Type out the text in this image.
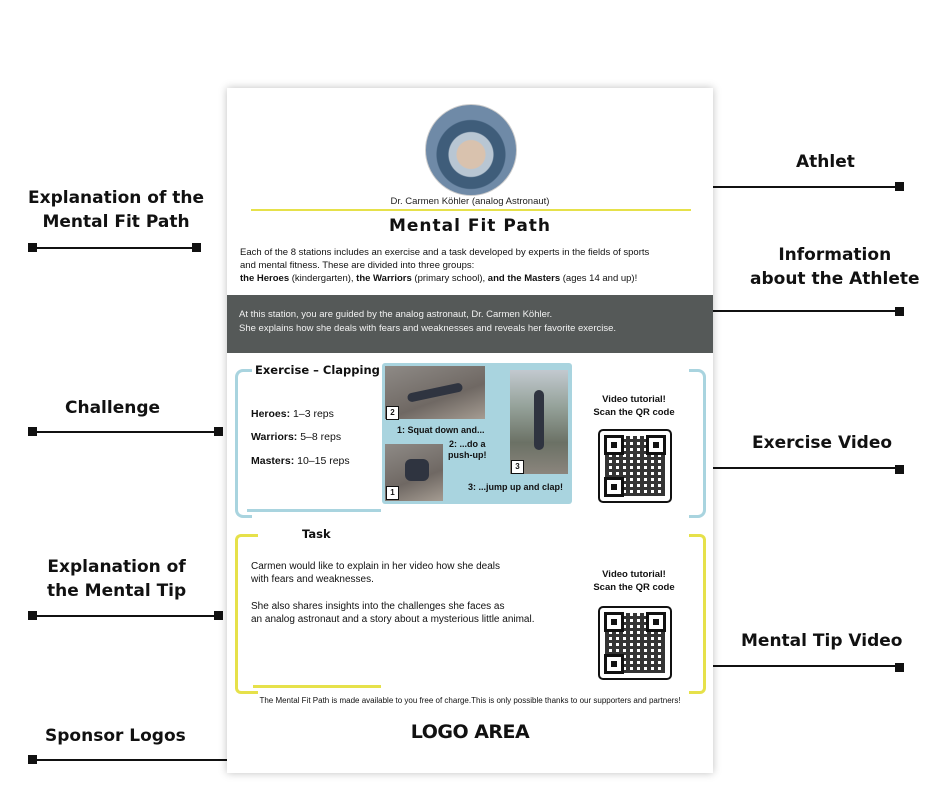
Athlet
Explanation of the
Mental Fit Path
Information
about the Athlete
Challenge
Exercise Video
Explanation of
the Mental Tip
Mental Tip Video
Sponsor Logos
Dr. Carmen Köhler (analog Astronaut)
Mental Fit Path
Each of the 8 stations includes an exercise and a task developed by experts in the fields of sports
and mental fitness. These are divided into three groups:
the Heroes (kindergarten), the Warriors (primary school), and the Masters (ages 14 and up)!
At this station, you are guided by the analog astronaut, Dr. Carmen Köhler.
She explains how she deals with fears and weaknesses and reveals her favorite exercise.
Exercise – Clapping
Heroes: 1–3 reps
Warriors: 5–8 reps
Masters: 10–15 reps
2
3
1
1: Squat down and...
2: ...do a
push-up!
3: ...jump up and clap!
Video tutorial!
Scan the QR code
Task
Carmen would like to explain in her video how she deals
with fears and weaknesses.
She also shares insights into the challenges she faces as
an analog astronaut and a story about a mysterious little animal.
Video tutorial!
Scan the QR code
The Mental Fit Path is made available to you free of charge.This is only possible thanks to our supporters and partners!
LOGO AREA
